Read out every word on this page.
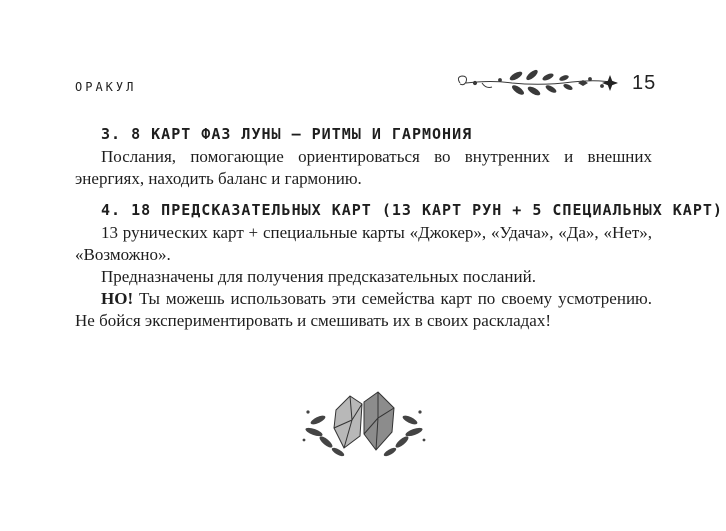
ОРАКУЛ	15
3. 8 КАРТ ФАЗ ЛУНЫ — РИТМЫ И ГАРМОНИЯ

Послания, помогающие ориентироваться во внутренних и внешних энергиях, находить баланс и гармонию.

4. 18 ПРЕДСКАЗАТЕЛЬНЫХ КАРТ (13 КАРТ РУН + 5 СПЕЦИАЛЬНЫХ КАРТ)

13 рунических карт + специальные карты «Джокер», «Удача», «Да», «Нет», «Возможно».

Предназначены для получения предсказательных посланий.

НО! Ты можешь использовать эти семейства карт по своему усмотрению. Не бойся экспериментировать и смешивать их в своих раскладах!
